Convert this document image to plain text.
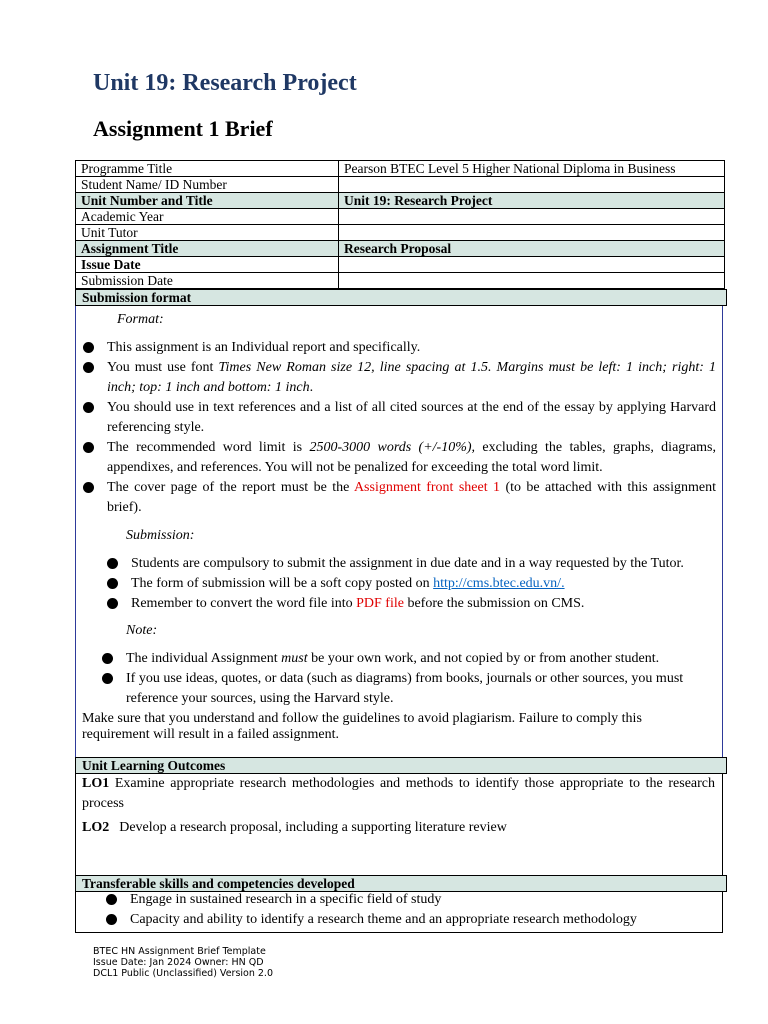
Unit 19: Research Project
Assignment 1 Brief
Programme Title	Pearson BTEC Level 5 Higher National Diploma in Business
Student Name/ ID Number	
Unit Number and Title	Unit 19: Research Project
Academic Year	
Unit Tutor	
Assignment Title	Research Proposal
Issue Date	
Submission Date	
Submission format
Format:
This assignment is an Individual report and specifically.
You must use font Times New Roman size 12, line spacing at 1.5. Margins must be left: 1 inch; right: 1 inch; top: 1 inch and bottom: 1 inch.
You should use in text references and a list of all cited sources at the end of the essay by applying Harvard referencing style.
The recommended word limit is 2500-3000 words (+/-10%), excluding the tables, graphs, diagrams, appendixes, and references. You will not be penalized for exceeding the total word limit.
The cover page of the report must be the Assignment front sheet 1 (to be attached with this assignment brief).
Submission:
Students are compulsory to submit the assignment in due date and in a way requested by the Tutor.
The form of submission will be a soft copy posted on http://cms.btec.edu.vn/.
Remember to convert the word file into PDF file before the submission on CMS.
Note:
The individual Assignment must be your own work, and not copied by or from another student.
If you use ideas, quotes, or data (such as diagrams) from books, journals or other sources, you must reference your sources, using the Harvard style.
Make sure that you understand and follow the guidelines to avoid plagiarism. Failure to comply this requirement will result in a failed assignment.
Unit Learning Outcomes
LO1 Examine appropriate research methodologies and methods to identify those appropriate to the research process
LO2 Develop a research proposal, including a supporting literature review
Transferable skills and competencies developed
Engage in sustained research in a specific field of study
Capacity and ability to identify a research theme and an appropriate research methodology
BTEC HN Assignment Brief Template
Issue Date: Jan 2024 Owner: HN QD
DCL1 Public (Unclassified) Version 2.0
